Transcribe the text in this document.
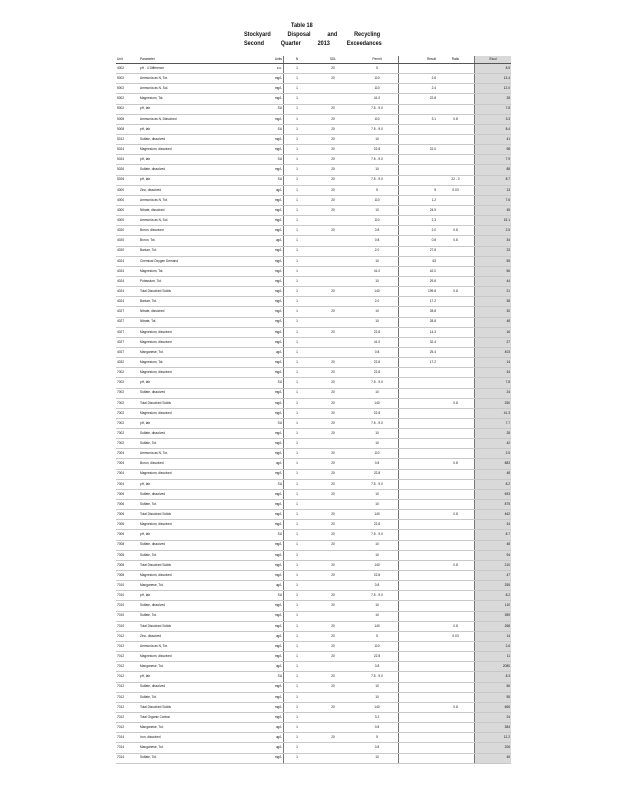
Table 18
Stockyard Disposal and Recycling
Second Quarter 2013 Exceedances
Unit	Parameter	Units	N	SDL	Permit	Result	Ratio	Excd
4002	pH - 4 Difference	s.u.	1	20	5			8.5
5002	Ammonia as N, Tot.	mg/L	1	20	110	2.6		13.4
5002	Ammonia as N, Sol.	mg/L	1		110	2.4		12.0
5002	Magnesium, Tot.	mg/L	1		41.0	22.8		28
5002	pH, lab	SU	1	20	7.5 - 9.0			7.8
5008	Ammonia as N, Dissolved	mg/L	1	20	110	3.1	0.8	3.3
5008	pH, lab	SU	1	20	7.5 - 9.0			8.4
5012	Sulfate, dissolved	mg/L	1	20	10			41
5024	Magnesium, dissolved	mg/L	1	20	22.8	22.0		98
5024	pH, lab	SU	1	20	7.5 - 9.0			7.9
5026	Sulfate, dissolved	mg/L	1	20	10			88
5026	pH, lab	SU	1	20	7.5 - 9.0		22 - 3	8.7
4000	Zinc, dissolved	ug/L	1	20	5	5	0.03	13
4000	Ammonia as N, Tot.	mg/L	1	20	110	1.2		7.6
4000	Nitrate, dissolved	mg/L	1	20	10	24.5		45
4000	Ammonia as N, Sol.	mg/L	1		110	2.3		15.1
4020	Boron, dissolved	mg/L	1	20	0.8	2.0	0.8	2.5
4020	Boron, Tot.	ug/L	1		0.8	0.8	0.8	34
4020	Barium, Tot.	mg/L	1		2.0	27.8		23
4024	Chemical Oxygen Demand	mg/L	1		10	63		55
4024	Magnesium, Tot.	mg/L	1		41.0	42.0		56
4024	Potassium, Tot.	mg/L	1		10	29.8		44
4024	Total Dissolved Solids	mg/L	1	20	140	199.8	0.8	21
4024	Barium, Tot.	mg/L	1		2.0	17.2		38
4027	Nitrate, dissolved	mg/L	1	20	10	28.8		30
4027	Nitrate, Tot.	mg/L	1		10	28.8		48
4027	Magnesium, dissolved	mg/L	1	20	22.8	14.3		16
4027	Magnesium, dissolved	mg/L	1		41.0	32.4		27
4027	Manganese, Tot.	ug/L	1		0.8	25.4		403
4032	Magnesium, Tot.	mg/L	1	20	22.8	17.2		14
7002	Magnesium, dissolved	mg/L	1	20	22.8			34
7002	pH, lab	SU	1	20	7.5 - 9.0			7.8
7002	Sulfate, dissolved	mg/L	1	20	10			24
7002	Total Dissolved Solids	mg/L	1	20	140		0.8	250
7002	Magnesium, dissolved	mg/L	1	20	22.8			41.3
7002	pH, lab	SU	1	20	7.5 - 9.0			7.7
7002	Sulfate, dissolved	mg/L	1	20	10			28
7002	Sulfate, Tot.	mg/L	1		10			42
7004	Ammonia as N, Tot.	mg/L	1	20	110			2.5
7004	Boron, dissolved	ug/L	1	20	0.8		0.8	883
7004	Magnesium, dissolved	mg/L	1	20	22.8			48
7004	pH, lab	SU	1	20	7.5 - 9.0			8.2
7006	Sulfate, dissolved	mg/L	1	20	10			693
7006	Sulfate, Tot.	mg/L	1		10			875
7006	Total Dissolved Solids	mg/L	1	20	140		0.8	462
7006	Magnesium, dissolved	mg/L	1	20	22.8			34
7006	pH, lab	SU	1	20	7.5 - 9.0			8.7
7008	Sulfate, dissolved	mg/L	1	20	10			48
7008	Sulfate, Tot.	mg/L	1		10			94
7008	Total Dissolved Solids	mg/L	1	20	140		0.8	210
7008	Magnesium, dissolved	mg/L	1	20	22.8			47
7010	Manganese, Tot.	ug/L	1		0.8			255
7010	pH, lab	SU	1	20	7.5 - 9.0			8.2
7010	Sulfate, dissolved	mg/L	1	20	10			110
7010	Sulfate, Tot.	mg/L	1		10			359
7010	Total Dissolved Solids	mg/L	1	20	140		0.8	268
7012	Zinc, dissolved	ug/L	1	20	5		0.03	14
7012	Ammonia as N, Tot.	mg/L	1	20	110			2.6
7012	Magnesium, dissolved	mg/L	1	20	22.8			11
7012	Manganese, Tot.	ug/L	1		0.8			2080
7012	pH, lab	SU	1	20	7.5 - 9.0			8.3
7012	Sulfate, dissolved	mg/L	1	20	10			56
7012	Sulfate, Tot.	mg/L	1		10			55
7012	Total Dissolved Solids	mg/L	1	20	140		0.8	665
7012	Total Organic Carbon	mg/L	1		3.2			24
7012	Manganese, Tot.	ug/L	1		0.8			384
7014	Iron, dissolved	ug/L	1	20	5			12.2
7014	Manganese, Tot.	ug/L	1		0.8			206
7014	Sulfate, Tot.	mg/L	1		10			45
